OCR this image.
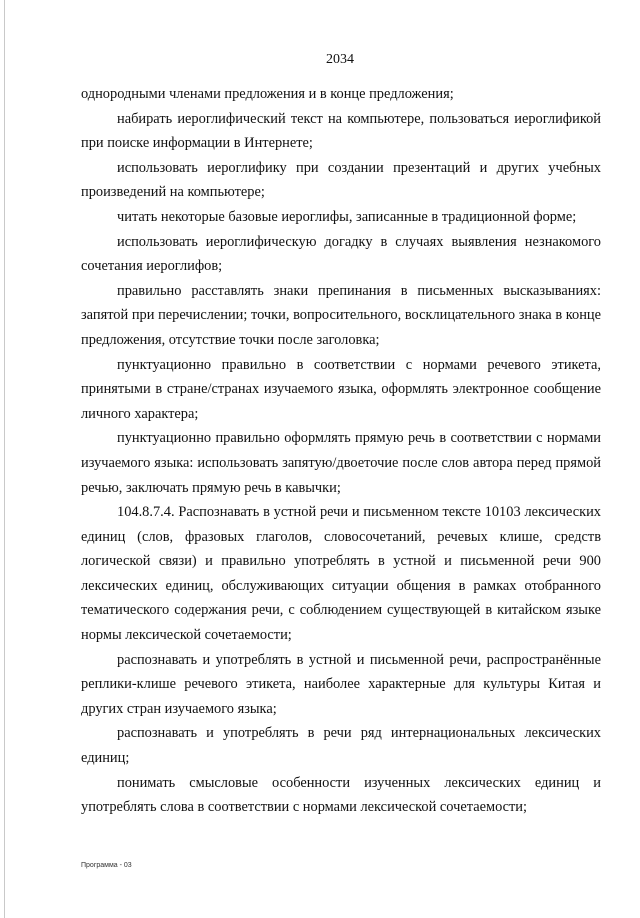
2034

однородными членами предложения и в конце предложения;

набирать иероглифический текст на компьютере, пользоваться иероглификой при поиске информации в Интернете;

использовать иероглифику при создании презентаций и других учебных произведений на компьютере;

читать некоторые базовые иероглифы, записанные в традиционной форме;

использовать иероглифическую догадку в случаях выявления незнакомого сочетания иероглифов;

правильно расставлять знаки препинания в письменных высказываниях: запятой при перечислении; точки, вопросительного, восклицательного знака в конце предложения, отсутствие точки после заголовка;

пунктуационно правильно в соответствии с нормами речевого этикета, принятыми в стране/странах изучаемого языка, оформлять электронное сообщение личного характера;

пунктуационно правильно оформлять прямую речь в соответствии с нормами изучаемого языка: использовать запятую/двоеточие после слов автора перед прямой речью, заключать прямую речь в кавычки;

104.8.7.4. Распознавать в устной речи и письменном тексте 10103 лексических единиц (слов, фразовых глаголов, словосочетаний, речевых клише, средств логической связи) и правильно употреблять в устной и письменной речи 900 лексических единиц, обслуживающих ситуации общения в рамках отобранного тематического содержания речи, с соблюдением существующей в китайском языке нормы лексической сочетаемости;

распознавать и употреблять в устной и письменной речи, распространённые реплики-клише речевого этикета, наиболее характерные для культуры Китая и других стран изучаемого языка;

распознавать и употреблять в речи ряд интернациональных лексических единиц;

понимать смысловые особенности изученных лексических единиц и употреблять слова в соответствии с нормами лексической сочетаемости;

Программа - 03
